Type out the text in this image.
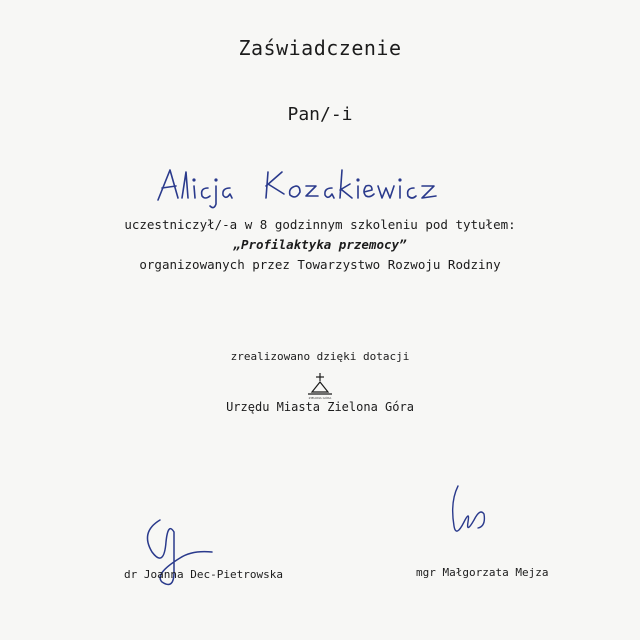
Zaświadczenie
Pan/-i
uczestniczył/-a w 8 godzinnym szkoleniu pod tytułem:
„Profilaktyka przemocy”
organizowanych przez Towarzystwo Rozwoju Rodziny
zrealizowano dzięki dotacji
ZIELONA GÓRA
Urzędu Miasta Zielona Góra
dr Joanna Dec-Pietrowska	mgr Małgorzata Mejza
